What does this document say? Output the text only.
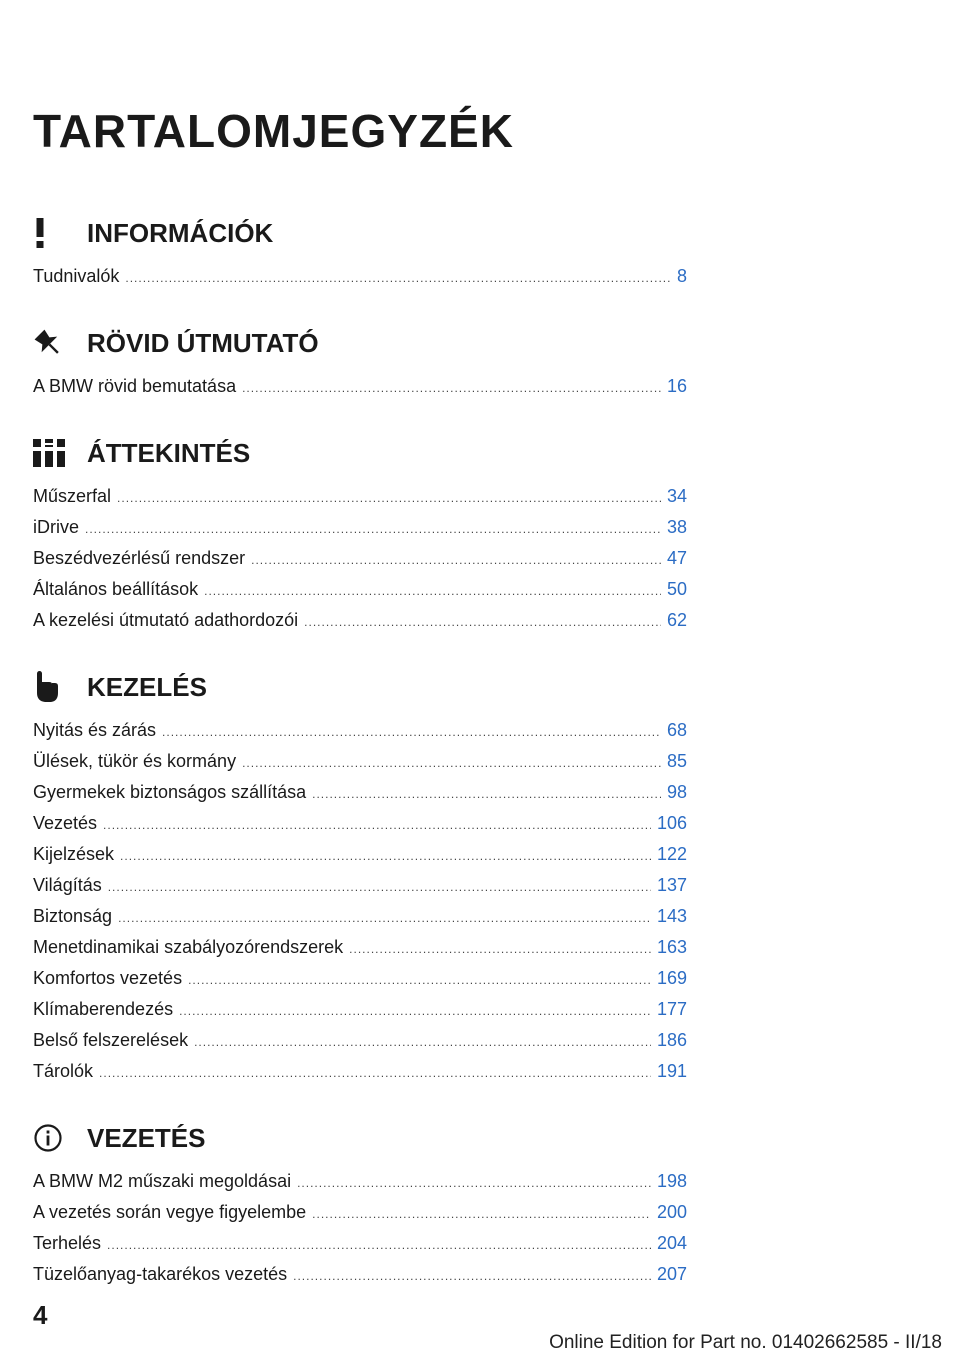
TARTALOMJEGYZÉK
INFORMÁCIÓK
Tudnivalók .....	8
RÖVID ÚTMUTATÓ
A BMW rövid bemutatása .....	16
ÁTTEKINTÉS
Műszerfal .....	34
iDrive .....	38
Beszédvezérlésű rendszer .....	47
Általános beállítások .....	50
A kezelési útmutató adathordozói .....	62
KEZELÉS
Nyitás és zárás .....	68
Ülések, tükör és kormány .....	85
Gyermekek biztonságos szállítása .....	98
Vezetés .....	106
Kijelzések .....	122
Világítás .....	137
Biztonság .....	143
Menetdinamikai szabályozórendszerek .....	163
Komfortos vezetés .....	169
Klímaberendezés .....	177
Belső felszerelések .....	186
Tárolók .....	191
VEZETÉS
A BMW M2 műszaki megoldásai .....	198
A vezetés során vegye figyelembe .....	200
Terhelés .....	204
Tüzelőanyag-takarékos vezetés .....	207
4
Online Edition for Part no. 01402662585 - II/18
